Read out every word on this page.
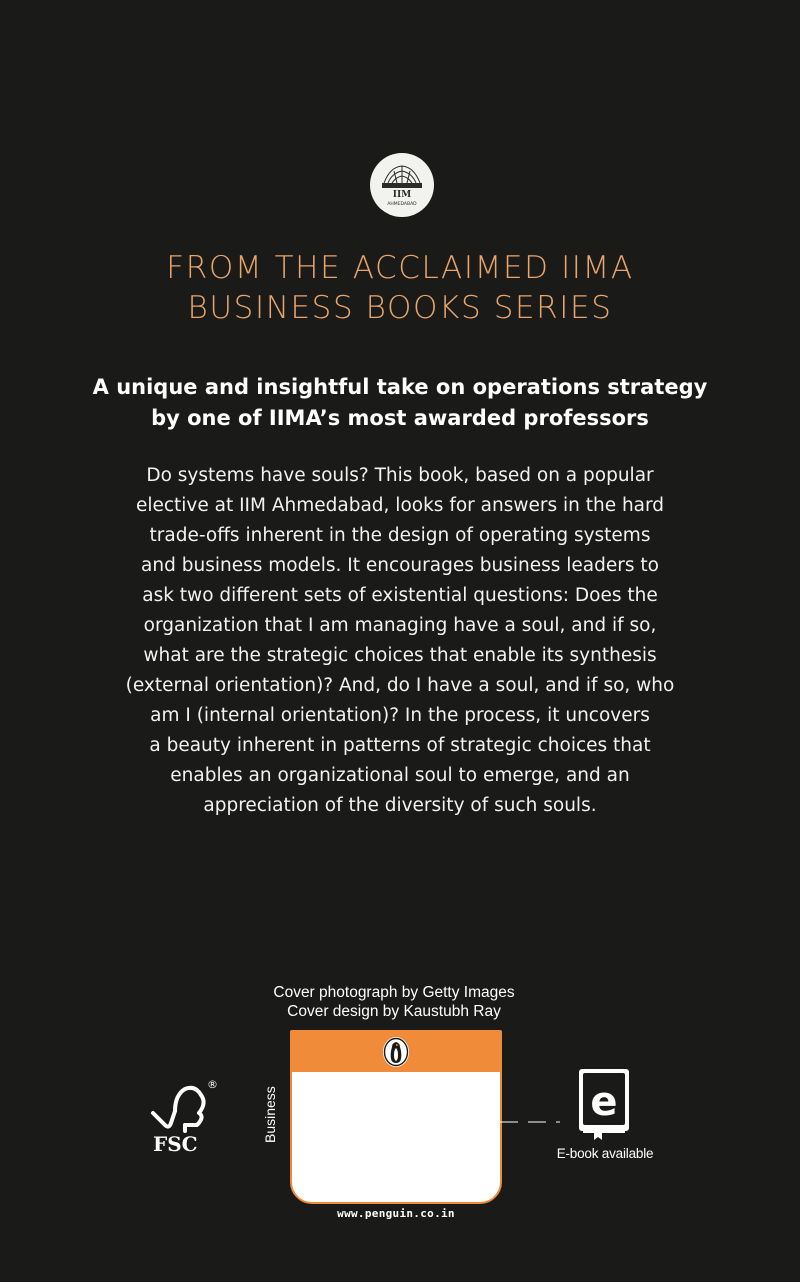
IIM
AHMEDABAD
FROM THE ACCLAIMED IIMA
BUSINESS BOOKS SERIES
A unique and insightful take on operations strategy
by one of IIMA’s most awarded professors
Do systems have souls? This book, based on a popular
elective at IIM Ahmedabad, looks for answers in the hard
trade-offs inherent in the design of operating systems
and business models. It encourages business leaders to
ask two different sets of existential questions: Does the
organization that I am managing have a soul, and if so,
what are the strategic choices that enable its synthesis
(external orientation)? And, do I have a soul, and if so, who
am I (internal orientation)? In the process, it uncovers
a beauty inherent in patterns of strategic choices that
enables an organizational soul to emerge, and an
appreciation of the diversity of such souls.
Cover photograph by Getty Images
Cover design by Kaustubh Ray
®
FSC
Business	e
E-book available
www.penguin.co.in
